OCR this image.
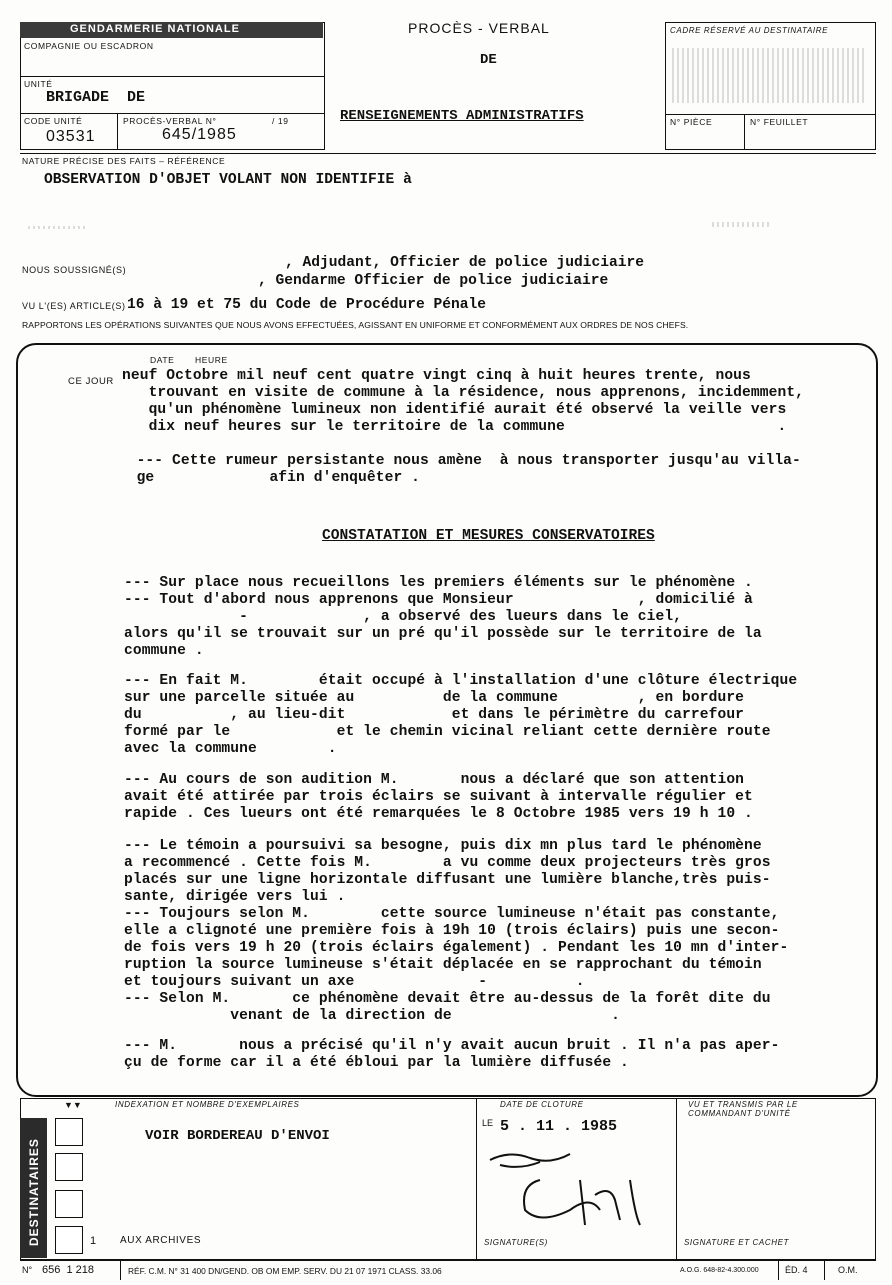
GENDARMERIE NATIONALE
COMPAGNIE OU ESCADRON
UNITÉ
BRIGADE  DE
CODE UNITÉ
03531
PROCÈS-VERBAL N°	/ 19
645/1985
PROCÈS - VERBAL
DE
RENSEIGNEMENTS ADMINISTRATIFS
CADRE RÉSERVÉ AU DESTINATAIRE
N° PIÈCE	N° FEUILLET
NATURE PRÉCISE DES FAITS – RÉFÉRENCE
OBSERVATION D'OBJET VOLANT NON IDENTIFIE à
NOUS SOUSSIGNÉ(S)	, Adjudant, Officier de police judiciaire
, Gendarme Officier de police judiciaire
VU L'(ES) ARTICLE(S) 16 à 19 et 75 du Code de Procédure Pénale
RAPPORTONS LES OPÉRATIONS SUIVANTES QUE NOUS AVONS EFFECTUÉES, AGISSANT EN UNIFORME ET CONFORMÉMENT AUX ORDRES DE NOS CHEFS.
DATE HEURE
CE JOUR neuf Octobre mil neuf cent quatre vingt cinq à huit heures trente, nous
trouvant en visite de commune à la résidence, nous apprenons, incidemment,
qu'un phénomène lumineux non identifié aurait été observé la veille vers
dix neuf heures sur le territoire de la commune                        .
--- Cette rumeur persistante nous amène  à nous transporter jusqu'au villa-
ge             afin d'enquêter .
CONSTATATION ET MESURES CONSERVATOIRES
--- Sur place nous recueillons les premiers éléments sur le phénomène .
--- Tout d'abord nous apprenons que Monsieur              , domicilié à
-             , a observé des lueurs dans le ciel,
alors qu'il se trouvait sur un pré qu'il possède sur le territoire de la
commune .
--- En fait M.        était occupé à l'installation d'une clôture électrique
sur une parcelle située au          de la commune         , en bordure
du          , au lieu-dit            et dans le périmètre du carrefour
formé par le            et le chemin vicinal reliant cette dernière route
avec la commune        .
--- Au cours de son audition M.       nous a déclaré que son attention
avait été attirée par trois éclairs se suivant à intervalle régulier et
rapide . Ces lueurs ont été remarquées le 8 Octobre 1985 vers 19 h 10 .
--- Le témoin a poursuivi sa besogne, puis dix mn plus tard le phénomène
a recommencé . Cette fois M.        a vu comme deux projecteurs très gros
placés sur une ligne horizontale diffusant une lumière blanche,très puis-
sante, dirigée vers lui .
--- Toujours selon M.        cette source lumineuse n'était pas constante,
elle a clignoté une première fois à 19h 10 (trois éclairs) puis une secon-
de fois vers 19 h 20 (trois éclairs également) . Pendant les 10 mn d'inter-
ruption la source lumineuse s'était déplacée en se rapprochant du témoin
et toujours suivant un axe              -          .
--- Selon M.       ce phénomène devait être au-dessus de la forêt dite du
venant de la direction de                  .
--- M.       nous a précisé qu'il n'y avait aucun bruit . Il n'a pas aper-
çu de forme car il a été ébloui par la lumière diffusée .
DESTINATAIRES
▼▼	INDEXATION ET NOMBRE D'EXEMPLAIRES
1 AUX ARCHIVES
VOIR BORDEREAU D'ENVOI
DATE DE CLOTURE
LE 5 . 11 . 1985
SIGNATURE(S)
VU ET TRANSMIS PAR LE COMMANDANT D'UNITÉ
SIGNATURE ET CACHET
N° 656  1 218	RÉF. C.M. N° 31 400 DN/GEND. OB OM EMP. SERV. DU 21 07 1971 CLASS. 33.06	A.O.G. 648-82-4.300.000	ÉD. 4	O.M.
